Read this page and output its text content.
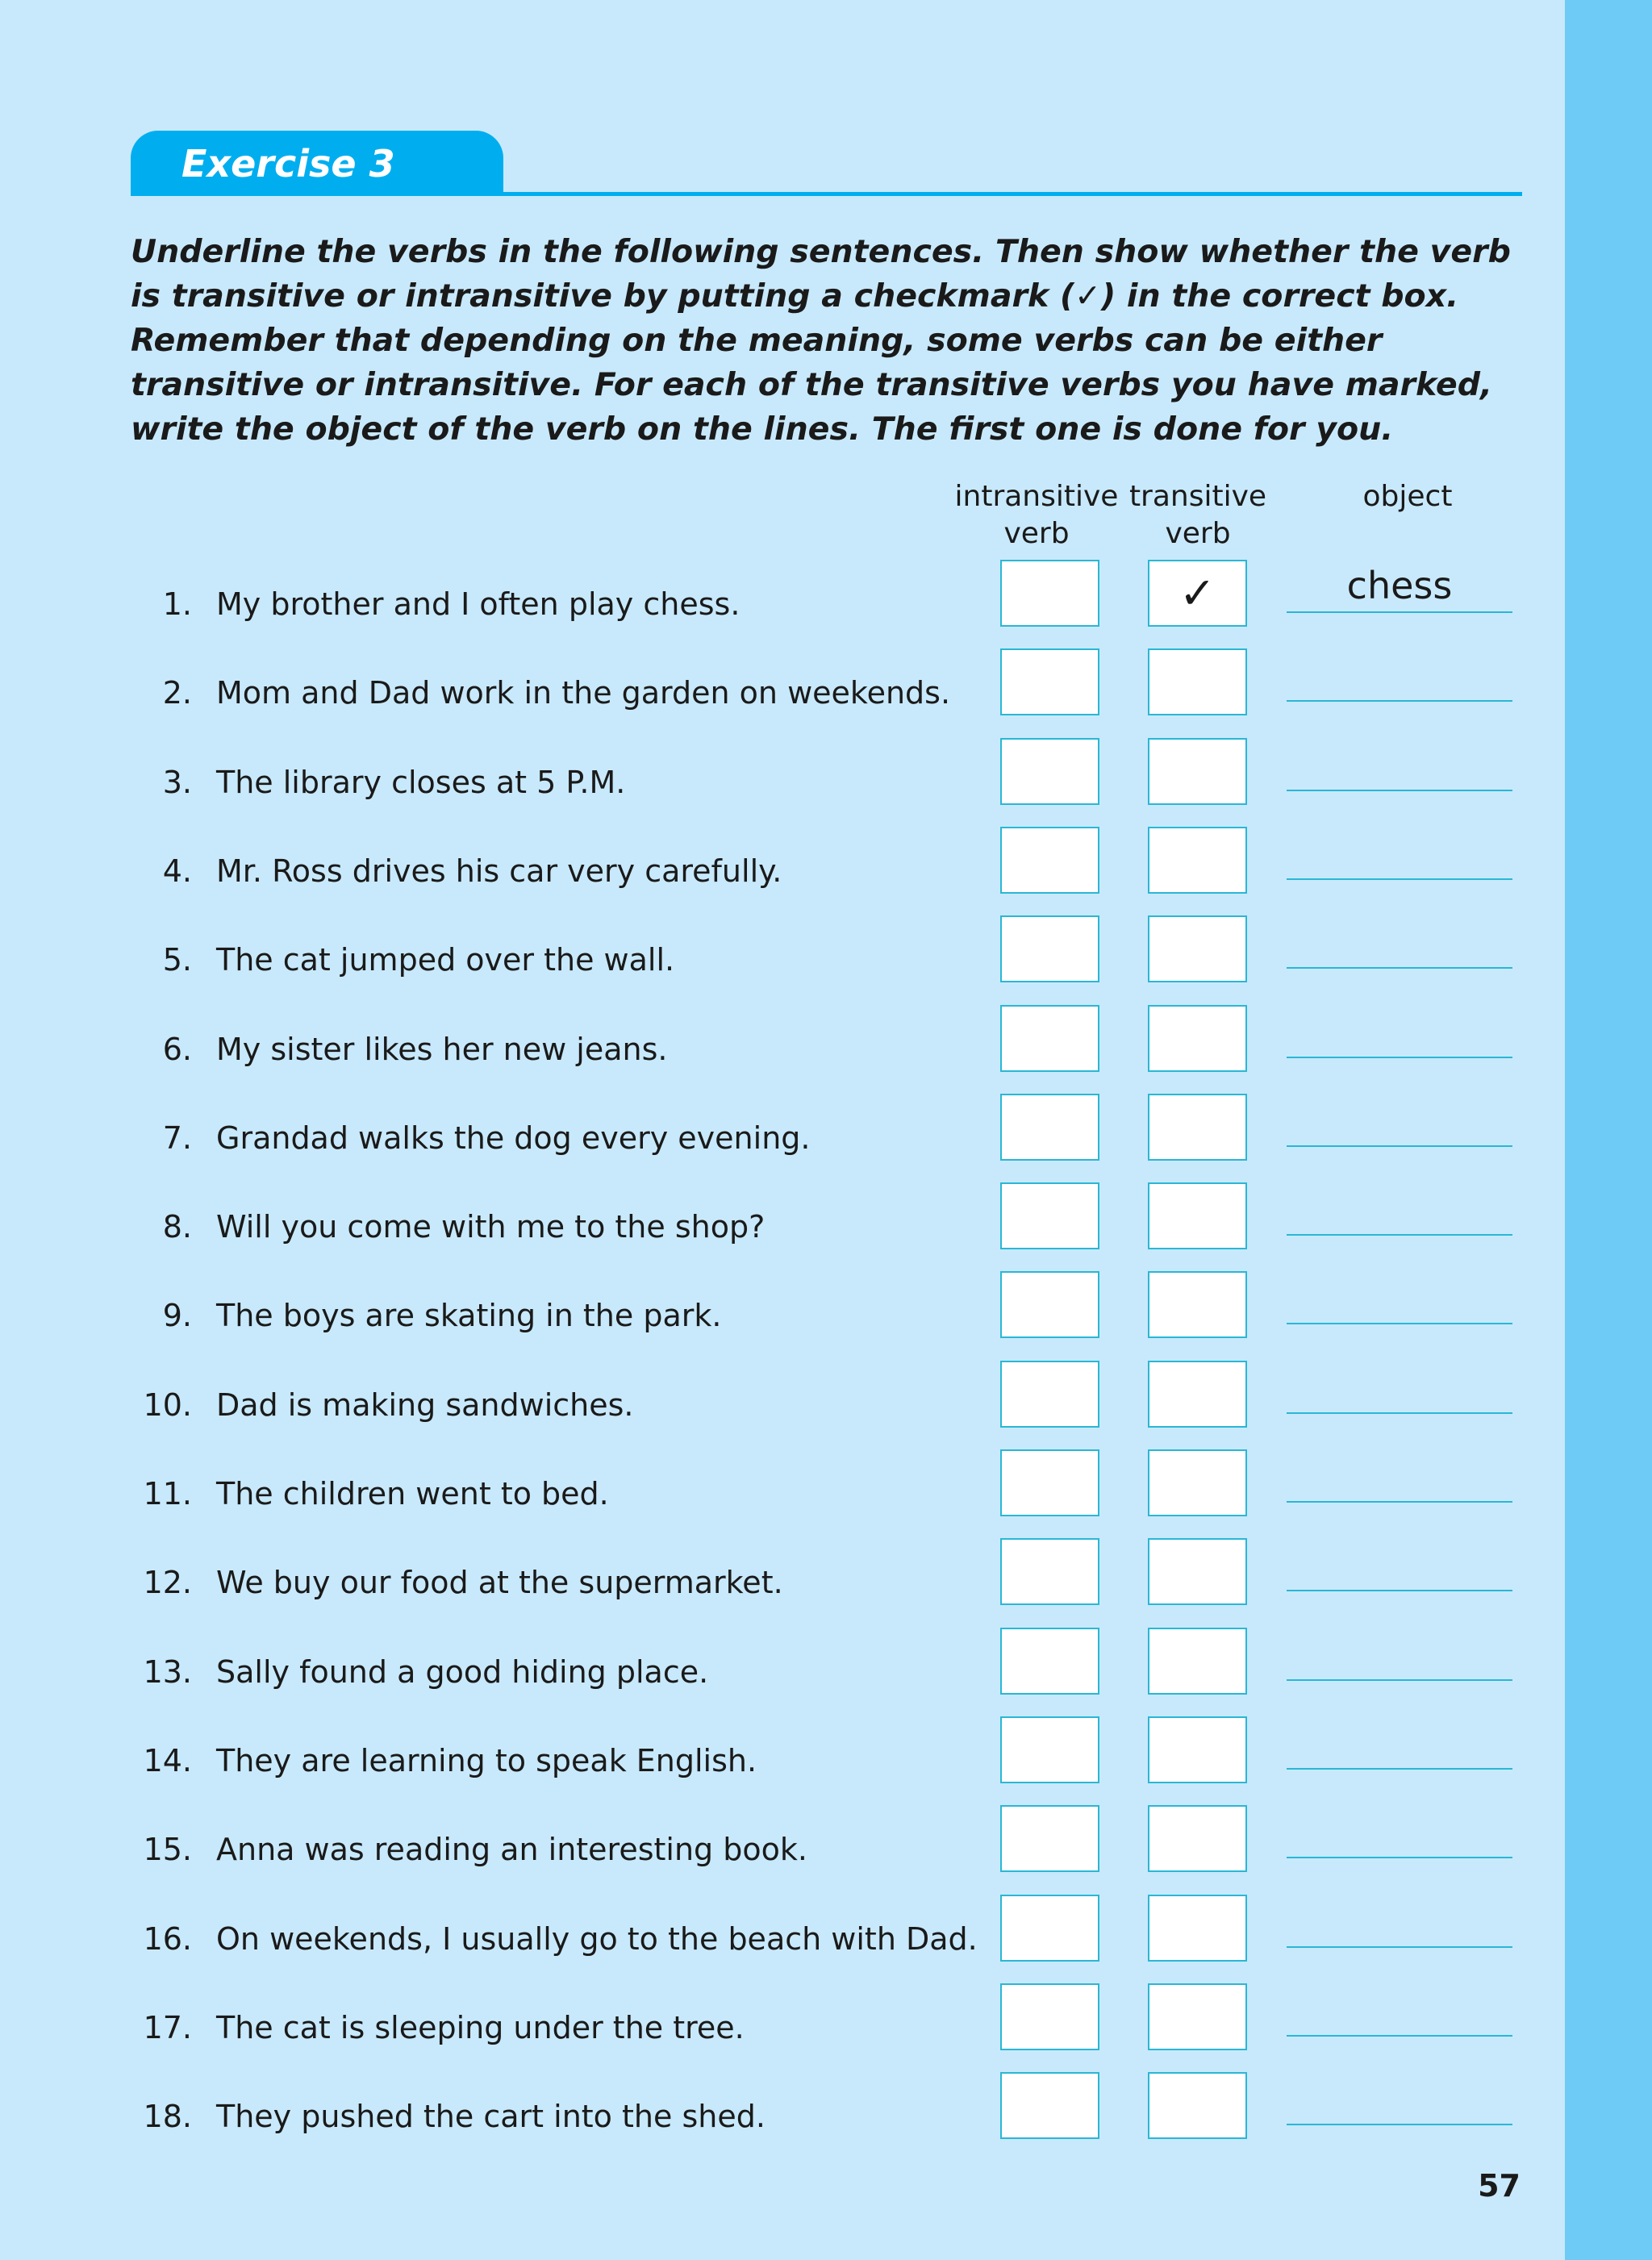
Exercise 3

Underline the verbs in the following sentences. Then show whether the verb is transitive or intransitive by putting a checkmark (✓) in the correct box. Remember that depending on the meaning, some verbs can be either transitive or intransitive. For each of the transitive verbs you have marked, write the object of the verb on the lines. The first one is done for you.

intransitive
verb
transitive
verb
object
1. My brother and I often play chess.	✓	chess
2. Mom and Dad work in the garden on weekends.
3. The library closes at 5 P.M.
4. Mr. Ross drives his car very carefully.
5. The cat jumped over the wall.
6. My sister likes her new jeans.
7. Grandad walks the dog every evening.
8. Will you come with me to the shop?
9. The boys are skating in the park.
10. Dad is making sandwiches.
11. The children went to bed.
12. We buy our food at the supermarket.
13. Sally found a good hiding place.
14. They are learning to speak English.
15. Anna was reading an interesting book.
16. On weekends, I usually go to the beach with Dad.
17. The cat is sleeping under the tree.
18. They pushed the cart into the shed.
57
